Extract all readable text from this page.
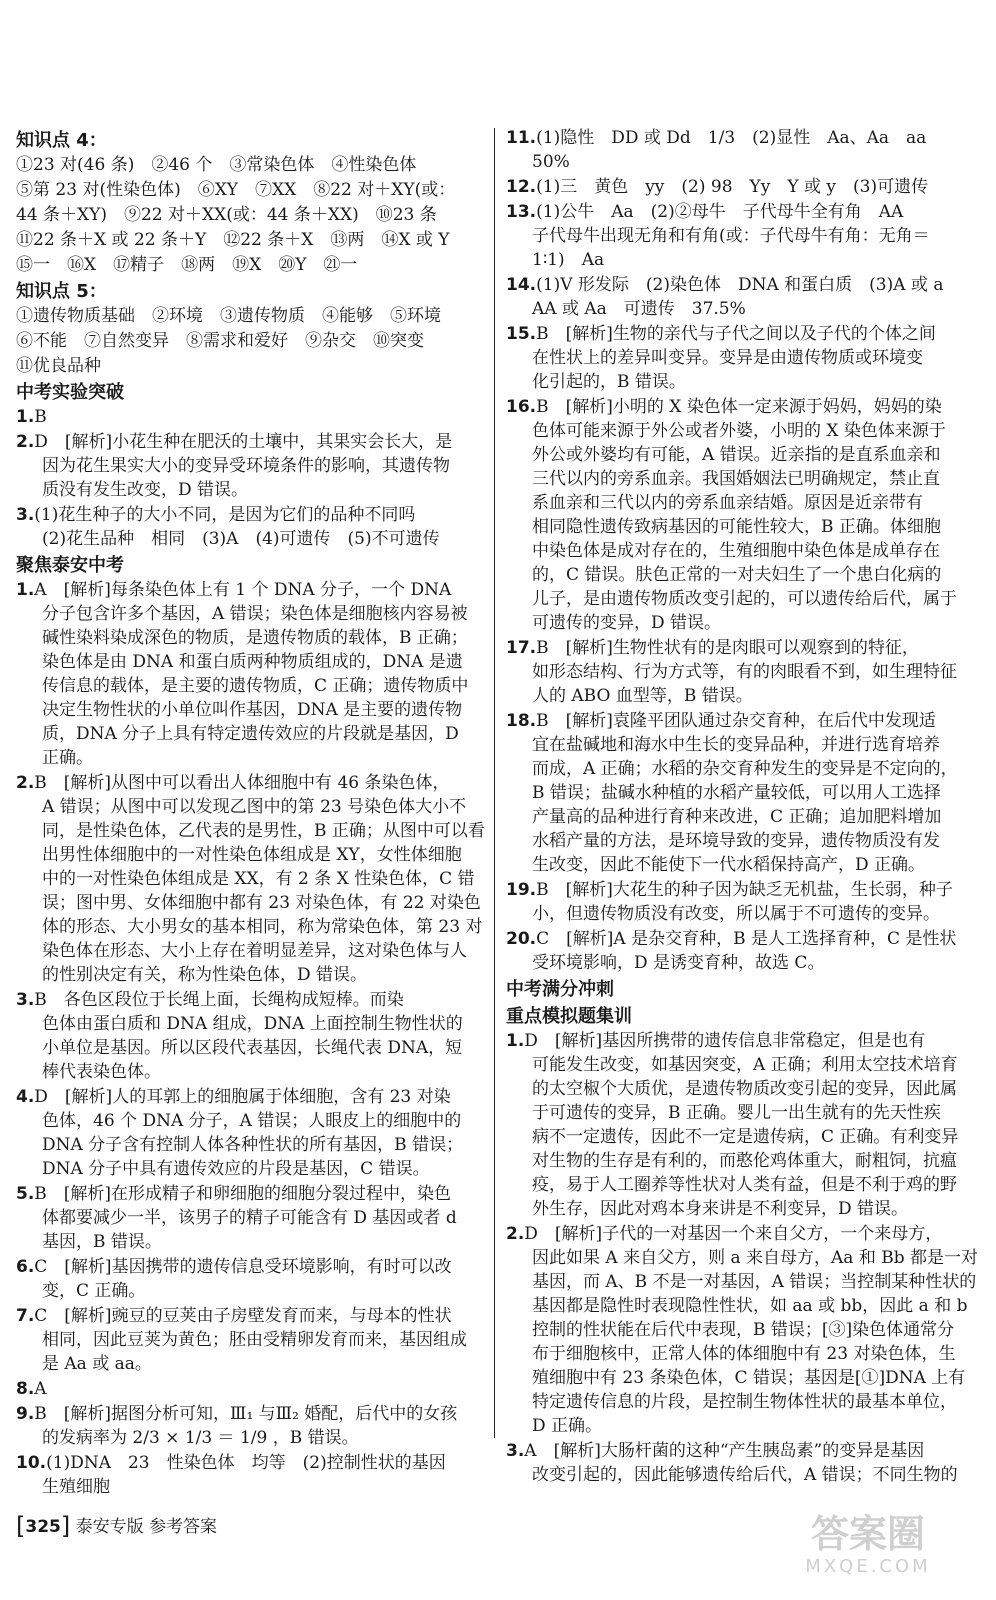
知识点 4：
①23 对(46 条)　②46 个　③常染色体　④性染色体
⑤第 23 对(性染色体)　⑥XY　⑦XX　⑧22 对＋XY(或：
44 条＋XY)　⑨22 对＋XX(或：44 条＋XX)　⑩23 条
⑪22 条＋X 或 22 条＋Y　⑫22 条＋X　⑬两　⑭X 或 Y
⑮一　⑯X　⑰精子　⑱两　⑲X　⑳Y　㉑一
知识点 5：
①遗传物质基础　②环境　③遗传物质　④能够　⑤环境
⑥不能　⑦自然变异　⑧需求和爱好　⑨杂交　⑩突变
⑪优良品种
中考实验突破
1.B
2.D　[解析]小花生种在肥沃的土壤中，其果实会长大，是
因为花生果实大小的变异受环境条件的影响，其遗传物
质没有发生改变，D 错误。
3.(1)花生种子的大小不同，是因为它们的品种不同吗
(2)花生品种　相同　(3)A　(4)可遗传　(5)不可遗传
聚焦泰安中考
1.A　[解析]每条染色体上有 1 个 DNA 分子，一个 DNA
分子包含许多个基因，A 错误；染色体是细胞核内容易被
碱性染料染成深色的物质，是遗传物质的载体，B 正确；
染色体是由 DNA 和蛋白质两种物质组成的，DNA 是遗
传信息的载体，是主要的遗传物质，C 正确；遗传物质中
决定生物性状的小单位叫作基因，DNA 是主要的遗传物
质，DNA 分子上具有特定遗传效应的片段就是基因，D
正确。
2.B　[解析]从图中可以看出人体细胞中有 46 条染色体，
A 错误；从图中可以发现乙图中的第 23 号染色体大小不
同，是性染色体，乙代表的是男性，B 正确；从图中可以看
出男性体细胞中的一对性染色体组成是 XY，女性体细胞
中的一对性染色体组成是 XX，有 2 条 X 性染色体，C 错
误；图中男、女体细胞中都有 23 对染色体，有 22 对染色
体的形态、大小男女的基本相同，称为常染色体，第 23 对
染色体在形态、大小上存在着明显差异，这对染色体与人
的性别决定有关，称为性染色体，D 错误。
3.B　各色区段位于长绳上面，长绳构成短棒。而染
色体由蛋白质和 DNA 组成，DNA 上面控制生物性状的
小单位是基因。所以区段代表基因，长绳代表 DNA，短
棒代表染色体。
4.D　[解析]人的耳郭上的细胞属于体细胞，含有 23 对染
色体，46 个 DNA 分子，A 错误；人眼皮上的细胞中的
DNA 分子含有控制人体各种性状的所有基因，B 错误；
DNA 分子中具有遗传效应的片段是基因，C 错误。
5.B　[解析]在形成精子和卵细胞的细胞分裂过程中，染色
体都要减少一半，该男子的精子可能含有 D 基因或者 d
基因，B 错误。
6.C　[解析]基因携带的遗传信息受环境影响，有时可以改
变，C 正确。
7.C　[解析]豌豆的豆荚由子房壁发育而来，与母本的性状
相同，因此豆荚为黄色；胚由受精卵发育而来，基因组成
是 Aa 或 aa。
8.A
9.B　[解析]据图分析可知，Ⅲ₁ 与Ⅲ₂ 婚配，后代中的女孩
的发病率为 2/3 × 1/3 ＝ 1/9 ，B 错误。
10.(1)DNA　23　性染色体　均等　(2)控制性状的基因
生殖细胞
11.(1)隐性　DD 或 Dd　1/3　(2)显性　Aa、Aa　aa
50%
12.(1)三　黄色　yy　(2) 98　Yy　Y 或 y　(3)可遗传
13.(1)公牛　Aa　(2)②母牛　子代母牛全有角　AA
子代母牛出现无角和有角(或：子代母牛有角：无角＝
1∶1)　Aa
14.(1)V 形发际　(2)染色体　DNA 和蛋白质　(3)A 或 a
AA 或 Aa　可遗传　37.5%
15.B　[解析]生物的亲代与子代之间以及子代的个体之间
在性状上的差异叫变异。变异是由遗传物质或环境变
化引起的，B 错误。
16.B　[解析]小明的 X 染色体一定来源于妈妈，妈妈的染
色体可能来源于外公或者外婆，小明的 X 染色体来源于
外公或外婆均有可能，A 错误。近亲指的是直系血亲和
三代以内的旁系血亲。我国婚姻法已明确规定，禁止直
系血亲和三代以内的旁系血亲结婚。原因是近亲带有
相同隐性遗传致病基因的可能性较大，B 正确。体细胞
中染色体是成对存在的，生殖细胞中染色体是成单存在
的，C 错误。肤色正常的一对夫妇生了一个患白化病的
儿子，是由遗传物质改变引起的，可以遗传给后代，属于
可遗传的变异，D 错误。
17.B　[解析]生物性状有的是肉眼可以观察到的特征，
如形态结构、行为方式等，有的肉眼看不到，如生理特征
人的 ABO 血型等，B 错误。
18.B　[解析]袁隆平团队通过杂交育种，在后代中发现适
宜在盐碱地和海水中生长的变异品种，并进行选育培养
而成，A 正确；水稻的杂交育种发生的变异是不定向的，
B 错误；盐碱水种植的水稻产量较低，可以用人工选择
产量高的品种进行育种来改进，C 正确；追加肥料增加
水稻产量的方法，是环境导致的变异，遗传物质没有发
生改变，因此不能使下一代水稻保持高产，D 正确。
19.B　[解析]大花生的种子因为缺乏无机盐，生长弱，种子
小，但遗传物质没有改变，所以属于不可遗传的变异。
20.C　[解析]A 是杂交育种，B 是人工选择育种，C 是性状
受环境影响，D 是诱变育种，故选 C。
中考满分冲刺
重点模拟题集训
1.D　[解析]基因所携带的遗传信息非常稳定，但是也有
可能发生改变，如基因突变，A 正确；利用太空技术培育
的太空椒个大质优，是遗传物质改变引起的变异，因此属
于可遗传的变异，B 正确。婴儿一出生就有的先天性疾
病不一定遗传，因此不一定是遗传病，C 正确。有利变异
对生物的生存是有利的，而憨伦鸡体重大，耐粗饲，抗瘟
疫，易于人工圈养等性状对人类有益，但是不利于鸡的野
外生存，因此对鸡本身来讲是不利变异，D 错误。
2.D　[解析]子代的一对基因一个来自父方，一个来母方，
因此如果 A 来自父方，则 a 来自母方，Aa 和 Bb 都是一对
基因，而 A、B 不是一对基因，A 错误；当控制某种性状的
基因都是隐性时表现隐性性状，如 aa 或 bb，因此 a 和 b
控制的性状能在后代中表现，B 错误；[③]染色体通常分
布于细胞核中，正常人体的体细胞中有 23 对染色体，生
殖细胞中有 23 条染色体，C 错误；基因是[①]DNA 上有
特定遗传信息的片段，是控制生物体性状的最基本单位，
D 正确。
3.A　[解析]大肠杆菌的这种“产生胰岛素”的变异是基因
改变引起的，因此能够遗传给后代，A 错误；不同生物的
[325] 泰安专版 参考答案	答案圈
MXQE.COM
